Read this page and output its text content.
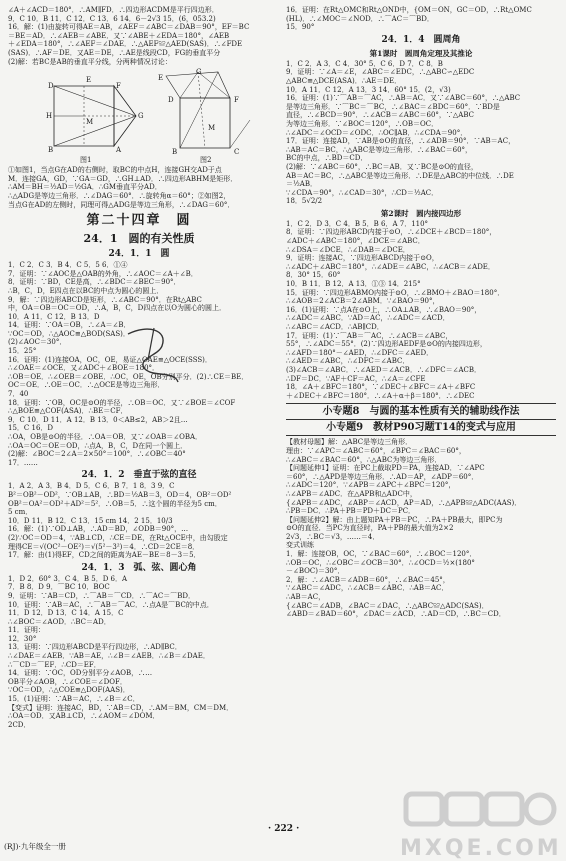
∠A＋∠ACD＝180°．∴AM∥FD．∴四边形ACDM是平行四边形．
9．C 10．B 11．C 12．C 13．6 14．6－2√3 15．(6，053.2)
16．解：(1)由旋转可得AE＝AB，∠AEF＝∠ABC＝∠DAB＝90°，EF＝BC
＝BE＝AD．∴∠AEB＝∠ABE．又∵∠ABE＋∠EDA＝180°，∠AEB
＋∠EDA＝180°，∴∠AEF＝∠DAE．∴△AEF≌△AED(SAS)．∴∠FDE
(SAS)．∴AF＝DE．又AE＝DE，∴AE是线段CD，FG的垂直平分
(2)解：若BC是AB的垂直平分线，分两种情况讨论：
D
E
F
G
H
M
B	A
G
E
D	F
M
B	C
图1	图2
①如图1，当点G在AD的右侧时，取BC的中点H，连接GH交AD于点
M．连接GA，GD，∵GA＝GD，∴GH⊥AD．∴四边形ABHM是矩形．
∴AM＝BH＝½AD＝½GA．∴GM垂直平分AD．
∴△ADG是等边三角形．∴∠DAG＝60°．∴旋转角α＝60°；②如图2，
当点G在AD的左侧时，同理可得△ADG是等边三角形，∴∠DAG＝60°．
第二十四章　圆
24．1　圆的有关性质
24．1．1　圆
1．C 2．C 3．B 4．C 5．5 6．①④
7．证明：∵∠AOC是△OAB的外角，∴∠AOC＝∠A＋∠B．
8．证明：∵BD，CE是高，∴∠BDC＝∠BEC＝90°．
∴B，C，D，E四点在以BC的中点为圆心的圆上．
9．解：∵四边形ABCD是矩形，∴∠ABC＝90°．在Rt△ABC
中，OA＝OB＝OC＝OD，∴A，B，C，D四点在以O为圆心的圆上．
10．A 11．C 12．B 13．D
14．证明：∵OA＝OB，∴∠A＝∠B．
∵OC＝OD，∴△AOC≌△BOD(SAS)．
(2)∠AOC＝30°．
15．25°
16．证明：(1)连接OA，OC，OE，易证△OAE≌△OCE(SSS)．
∴∠OAE＝∠OCE．又∠ADC＋∠BOE＝180°．
∴OB＝OE．∴∠OEB＝∠OBE．∴OC，OE，OB分别平分．(2)∴CE＝BE．
OC＝OE．∴OE＝OC．∴△OCE是等边三角形．
7．40
18．证明：∵OB，OC是⊙O的半径，∴OB＝OC．又∵∠BOE＝∠COF
∴△BOE≌△COF(ASA)．∴BE＝CF．
9．C 10．D 11．A 12．B 13．0＜AB≤2，AB＞2且…
15．C 16．D
∴OA，OB是⊙O的半径．∴OA＝OB．又∵∠OAB＝∠OBA．
∴OA＝OC＝OE＝OD，∴点A，B，C，D在同一个圆上．
(2)解：∠BOC＝2∠A＝2×50°＝100°．∴∠OBC＝40°
17．……
24．1．2　垂直于弦的直径
1．A 2．A 3．B 4．D 5．C 6．B 7．1 8．3 9．C
B²＝OB²－OD²，∵OB⊥AB，∴BD＝½AB＝3，OD＝4，OB²＝OD²
OB²＝OA²＝OD²＋AD²＝5²．∴OB＝5．∴这个圆的半径为5 cm．
5 cm．
10．D 11．B 12．C 13．15 cm 14．2 15．10/3
16．解：(1)∵OD⊥AB，∴AD＝BD，∠ODB＝90°，…
(2)∵OC＝OD＝4，∵AB⊥CD，∴CE＝DE，在Rt△OCE中，由勾股定
理得CE＝√(OC²－OE²)＝√(5²－3²)＝4．∴CD＝2CE＝8．
17．解：由(1)得EF，CD之间的距离为AE－BE＝8－3＝5．
24．1．3　弧、弦、圆心角
1．D 2．60° 3．C 4．B 5．D 6．A
7．B 8．D 9．⌒BC 10．BOC
9．证明：∵AB＝CD，∴⌒AB＝⌒CD．∴⌒AC＝⌒BD．
10．证明：∵AB＝AC，∴⌒AB＝⌒AC．∴点A是⌒BC的中点．
11．D 12．D 13．C 14．A 15．C
∴∠BOC＝∠AOD．∴BC＝AD．
11．证明：
12．30°
13．证明：∵四边形ABCD是平行四边形，∴AD∥BC．
∴∠DAE＝∠AEB．∵AB＝AE，∴∠B＝∠AEB．∴∠B＝∠DAE．
∴⌒CD＝⌒EF．∴CD＝EF．
14．证明：∵OC，OD分别平分∠AOB，∴…
OB平分∠AOB，∴∠COE＝∠DOF．
∵OC＝OD，∴△COE≌△DOF(AAS)．
15．(1)证明：∵AB＝AC，∴∠B＝∠C．
【变式】证明：连接AC，BD，∵AB＝CD，∴AM＝BM，CM＝DM．
∴OA＝OD．又AB⊥CD，∴∠AOM＝∠DOM．
2CD．
16．证明：在Rt△OMC和Rt△OND中，{OM＝ON，GC＝OD，∴Rt△OMC
(HL)．∴∠MOC＝∠NOD．∴⌒AC＝⌒BD．
15．90°
24．1．4　圆周角
第1课时　圆周角定理及其推论
1．C 2．A 3．C 4．30° 5．C 6．D 7．C 8．B
9．证明：∵∠A＝∠E，∠ABC＝∠EDC，∴△ABC∽△EDC
△ABC≌△DCE(ASA)．∴AE＝DE．
10．A 11．C 12．A 13．3 14．60° 15．(2，√3)
16．证明：(1)∵⌒AB＝⌒AC，∴AB＝AC．又∵∠ABC＝60°，∴△ABC
是等边三角形．∵⌒BC＝⌒BC，∴∠BAC＝∠BDC＝60°．∵BD是
直径，∴∠BCD＝90°．∴∠ACB＝∠ABC＝60°，∵△ABC
为等边三角形．∵∠BOC＝120°，∴OB＝OC．
∴∠ADC＝∠OCD＝∠ODC．∴OC∥AB．∴∠CDA＝90°．
17．证明：连接AD，∵AB是⊙O的直径，∴∠ADB＝90°．∵AB＝AC，
∴AB＝AC＝BC，∴△ABC是等边三角形．∴∠BAC＝60°，
BC的中点，∴BD＝CD．
(2)解：∵∠ABC＝60°，∴BC＝AB．又∵BC是⊙O的直径，
AB＝AC＝BC，∴△ABC是等边三角形．∴DE是△ABC的中位线．∴DE
＝½AB．
∵∠CDA＝90°，∴∠CAD＝30°，∴CD＝½AC．
18．5√2/2
第2课时　圆内接四边形
1．C 2．D 3．C 4．B 5．B 6．A 7．110°
8．证明：∵四边形ABCD内接于⊙O，∴∠DCE＋∠BCD＝180°，
∠ADC＋∠ABC＝180°，∠DCE＝∠ABC．
∴∠DSA＝∠DCE．∴∠DAB＝∠DCE．
9．证明：连接AC，∵四边形ABCD内接于⊙O，
∴∠ADC＋∠ABC＝180°，∴∠ADE＝∠ABC，∴∠ACB＝∠ADE．
8．30° 15．60°
10．B 11．B 12．A 13．①③ 14．215°
15．证明：∵四边形ABMO内接于⊙O，∴∠BMO＋∠BAO＝180°．
∴∠AOB＝2∠ACB＝2∠ABM．∵∠BAO＝90°，
16．(1)证明：∵点A在⊙O上，∴OA⊥AB，∴∠BAO＝90°，
∴∠ADC＝∠ABC．∵AD＝AC，∴∠ADC＝∠ACD．
∴∠ABC＝∠ACD．∴AB∥CD．
17．证明：(1)∵⌒AB＝⌒AC，∴∠ACB＝∠ABC，
55°，∴∠ADC＝55°．(2)∵四边形AEDF是⊙O的内接四边形，
∴∠AFD＝180°－∠AED，∴∠DFC＝∠AED．
∴∠AED＝∠ABC，∴∠DFC＝∠ABC．
(3)∠ACB＝∠ABC．∴∠AED＝∠ACB．∴∠DFC＝∠ACB．
∴DF＝DC．∵AF＋CF＝AC，∴∠A＝∠CFE
18．∠A＋∠BFC＝180°，∵∠DEC＋∠BFC＝∠A＋∠BFC
＋∠DEC＋∠BFC＝180°．∴∠A＋α＋β＝180°．∴∠DEC
小专题8　与圆的基本性质有关的辅助线作法
小专题9　教材P90习题T14的变式与应用
【教材母题】解：△ABC是等边三角形．
理由：∵∠APC＝∠ABC＝60°，∠BPC＝∠BAC＝60°，
∴∠ABC＝∠BAC＝60°，∴△ABC为等边三角形．
【问题延伸1】证明：在PC上截取PD＝PA，连接AD．∵∠APC
＝60°，∴△APD是等边三角形．∴AD＝AP，∠ADP＝60°．
∴∠ADC＝120°．∵∠APB＝∠APC＋∠BPC＝120°，
∴∠APB＝∠ADC．在△APB和△ADC中，
{∠APB＝∠ADC，∠ABP＝∠ACD，AP＝AD，∴△APB≌△ADC(AAS)．
∴PB＝DC．∴PA＋PB＝PD＋DC＝PC．
【问题延伸2】解：由上题知PA＋PB＝PC，∴PA＋PB最大，即PC为
⊙O的直径．当PC为直径时，PA＋PB的最大值为2×2
2√3，∴BC＝√3，……＝4．
变式训练
1．解：连接OB，OC，∵∠BAC＝60°，∴∠BOC＝120°．
∴OB＝OC，∴∠OBC＝∠OCB＝30°．∴∠OCD＝½×(180°
－∠BOC)＝30°．
2．解：∴∠ACB＝∠ADB＝60°，∴∠BAC＝45°，
∵∠ABC＝∠ADC，∴∠ACB＝∠ABC．∴AB＝AC．
∴AB＝AC，
{∠ABC＝∠ADB，∠BAC＝∠DAC，∴△ABC≌△ADC(SAS)．
∠ABD＝∠BAD＝60°，∠DAC＝∠ACD．∴AD＝CD，∴BC＝CD．
(RJ)·九年级全一册
· 222 ·
MXQE.COM
